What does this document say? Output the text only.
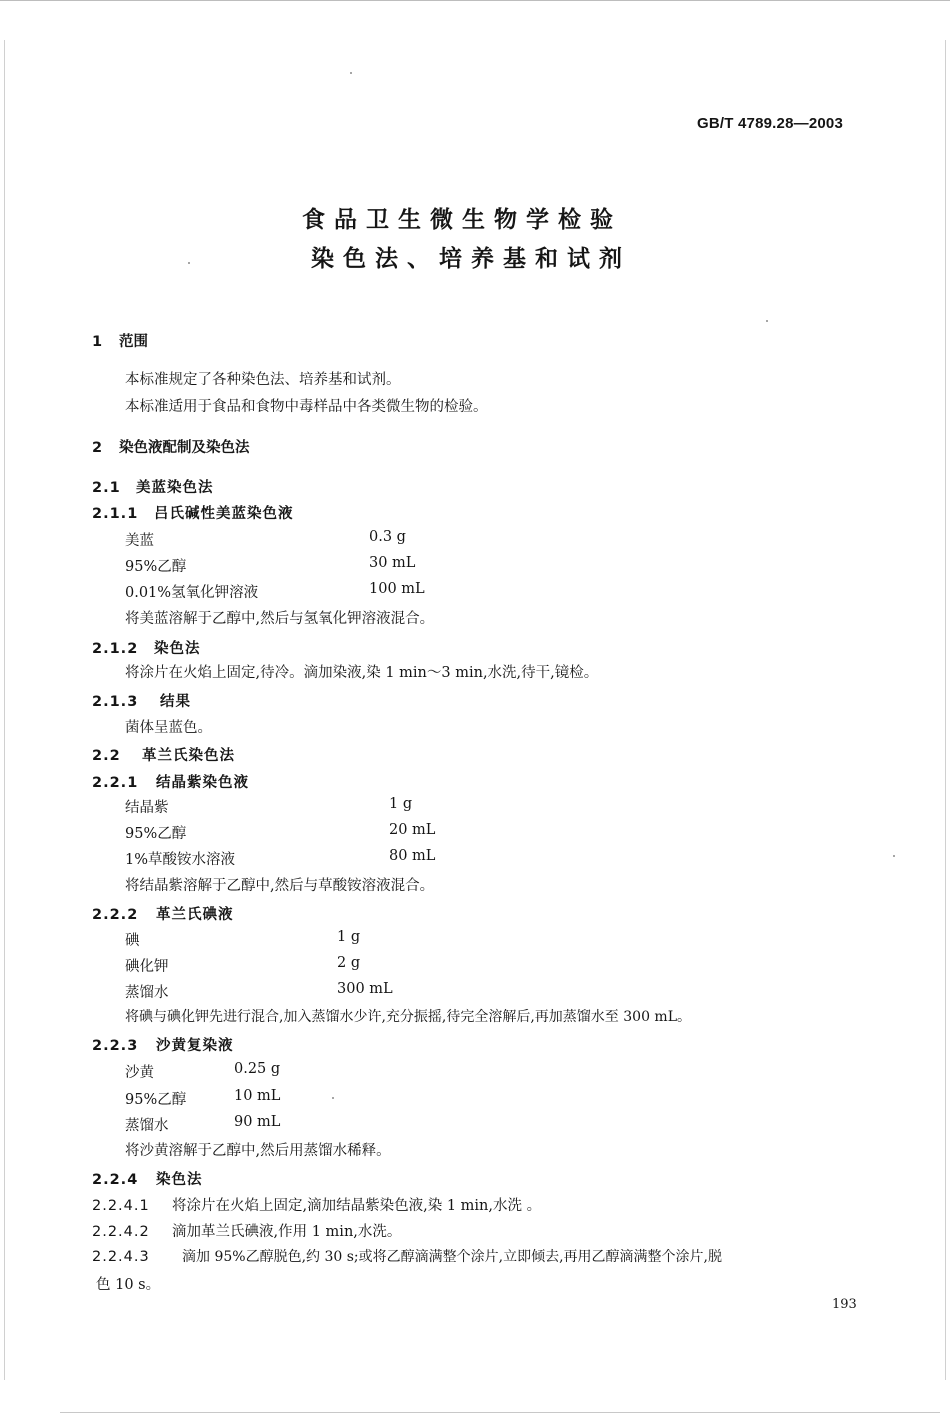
GB/T 4789.28—2003
食品卫生微生物学检验
染色法、培养基和试剂
1 范围
本标准规定了各种染色法、培养基和试剂。
本标准适用于食品和食物中毒样品中各类微生物的检验。
2 染色液配制及染色法
2.1 美蓝染色法
2.1.1 吕氏碱性美蓝染色液
美蓝	0.3 g
95%乙醇	30 mL
0.01%氢氧化钾溶液	100 mL
将美蓝溶解于乙醇中,然后与氢氧化钾溶液混合。
2.1.2 染色法
将涂片在火焰上固定,待冷。滴加染液,染 1 min～3 min,水洗,待干,镜检。
2.1.3 结果
菌体呈蓝色。
2.2 革兰氏染色法
2.2.1 结晶紫染色液
结晶紫	1 g
95%乙醇	20 mL
1%草酸铵水溶液	80 mL
将结晶紫溶解于乙醇中,然后与草酸铵溶液混合。
2.2.2 革兰氏碘液
碘	1 g
碘化钾	2 g
蒸馏水	300 mL
将碘与碘化钾先进行混合,加入蒸馏水少许,充分振摇,待完全溶解后,再加蒸馏水至 300 mL。
2.2.3 沙黄复染液
沙黄	0.25 g
95%乙醇	10 mL
蒸馏水	90 mL
将沙黄溶解于乙醇中,然后用蒸馏水稀释。
2.2.4 染色法
2.2.4.1 将涂片在火焰上固定,滴加结晶紫染色液,染 1 min,水洗 。
2.2.4.2 滴加革兰氏碘液,作用 1 min,水洗。
2.2.4.3 滴加 95%乙醇脱色,约 30 s;或将乙醇滴满整个涂片,立即倾去,再用乙醇滴满整个涂片,脱
色 10 s。
193
